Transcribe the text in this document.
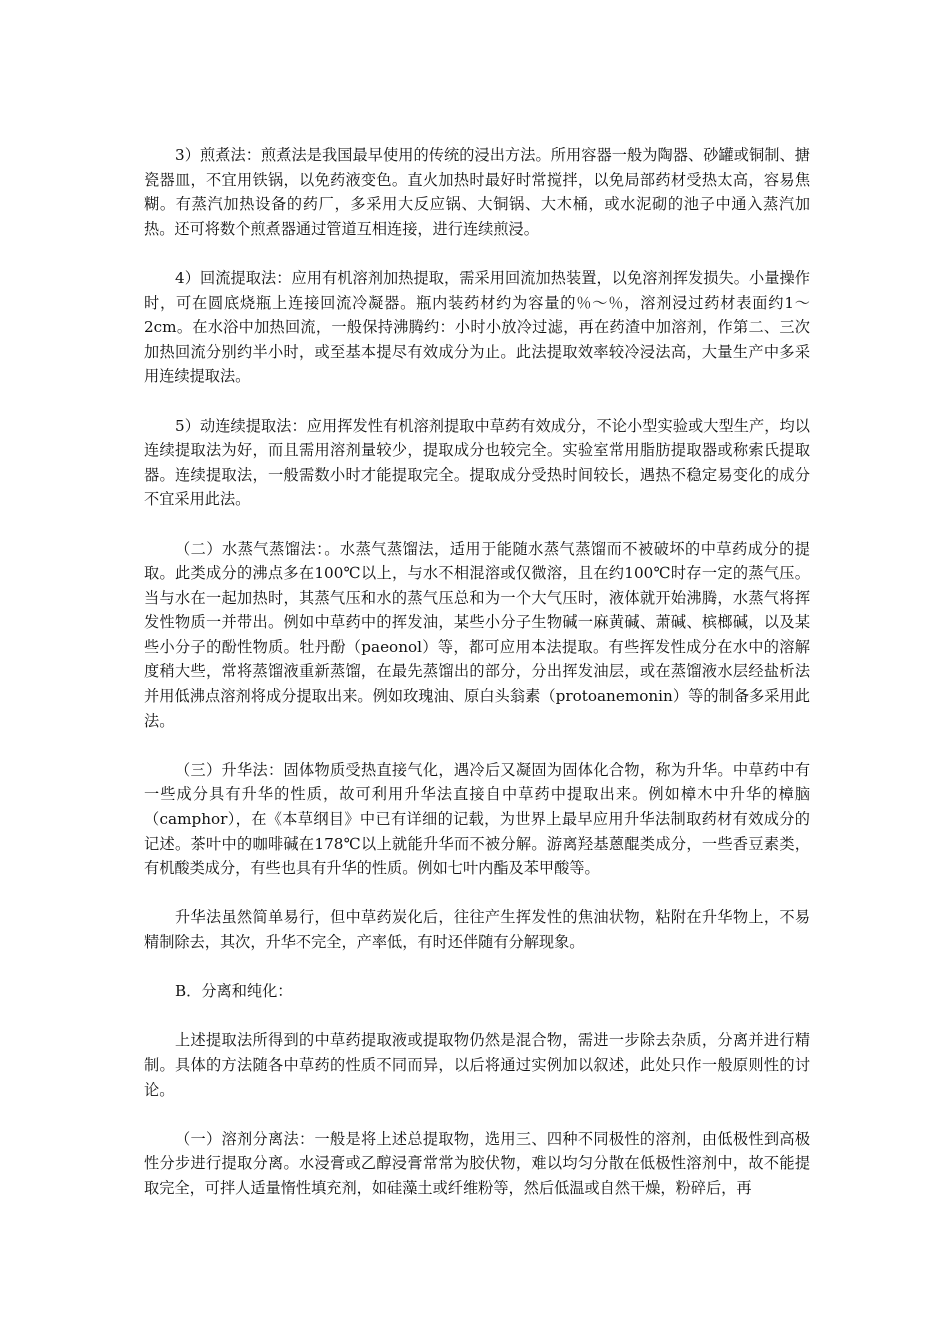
3）煎煮法：煎煮法是我国最早使用的传统的浸出方法。所用容器一般为陶器、砂罐或铜制、搪瓷器皿，不宜用铁锅，以免药液变色。直火加热时最好时常搅拌，以免局部药材受热太高，容易焦糊。有蒸汽加热设备的药厂，多采用大反应锅、大铜锅、大木桶，或水泥砌的池子中通入蒸汽加热。还可将数个煎煮器通过管道互相连接，进行连续煎浸。

4）回流提取法：应用有机溶剂加热提取，需采用回流加热装置，以免溶剂挥发损失。小量操作时，可在圆底烧瓶上连接回流冷凝器。瓶内装药材约为容量的％～％，溶剂浸过药材表面约1～2cm。在水浴中加热回流，一般保持沸腾约：小时小放冷过滤，再在药渣中加溶剂，作第二、三次加热回流分别约半小时，或至基本提尽有效成分为止。此法提取效率较冷浸法高，大量生产中多采用连续提取法。

5）动连续提取法：应用挥发性有机溶剂提取中草药有效成分，不论小型实验或大型生产，均以连续提取法为好，而且需用溶剂量较少，提取成分也较完全。实验室常用脂肪提取器或称索氏提取器。连续提取法，一般需数小时才能提取完全。提取成分受热时间较长，遇热不稳定易变化的成分不宜采用此法。

（二）水蒸气蒸馏法：。水蒸气蒸馏法，适用于能随水蒸气蒸馏而不被破坏的中草药成分的提取。此类成分的沸点多在100℃以上，与水不相混溶或仅微溶，且在约100℃时存一定的蒸气压。当与水在一起加热时，其蒸气压和水的蒸气压总和为一个大气压时，液体就开始沸腾，水蒸气将挥发性物质一并带出。例如中草药中的挥发油，某些小分子生物碱一麻黄碱、萧碱、槟榔碱，以及某些小分子的酚性物质。牡丹酚（paeonol）等，都可应用本法提取。有些挥发性成分在水中的溶解度稍大些，常将蒸馏液重新蒸馏，在最先蒸馏出的部分，分出挥发油层，或在蒸馏液水层经盐析法并用低沸点溶剂将成分提取出来。例如玫瑰油、原白头翁素（protoanemonin）等的制备多采用此法。

（三）升华法：固体物质受热直接气化，遇冷后又凝固为固体化合物，称为升华。中草药中有一些成分具有升华的性质，故可利用升华法直接自中草药中提取出来。例如樟木中升华的樟脑（camphor），在《本草纲目》中已有详细的记载，为世界上最早应用升华法制取药材有效成分的记述。茶叶中的咖啡碱在178℃以上就能升华而不被分解。游离羟基蒽醌类成分，一些香豆素类，有机酸类成分，有些也具有升华的性质。例如七叶内酯及苯甲酸等。

升华法虽然简单易行，但中草药炭化后，往往产生挥发性的焦油状物，粘附在升华物上，不易精制除去，其次，升华不完全，产率低，有时还伴随有分解现象。

B．分离和纯化：

上述提取法所得到的中草药提取液或提取物仍然是混合物，需进一步除去杂质，分离并进行精制。具体的方法随各中草药的性质不同而异，以后将通过实例加以叙述，此处只作一般原则性的讨论。

（一）溶剂分离法：一般是将上述总提取物，选用三、四种不同极性的溶剂，由低极性到高极性分步进行提取分离。水浸膏或乙醇浸膏常常为胶伏物，难以均匀分散在低极性溶剂中，故不能提取完全，可拌人适量惰性填充剂，如硅藻土或纤维粉等，然后低温或自然干燥，粉碎后，再
